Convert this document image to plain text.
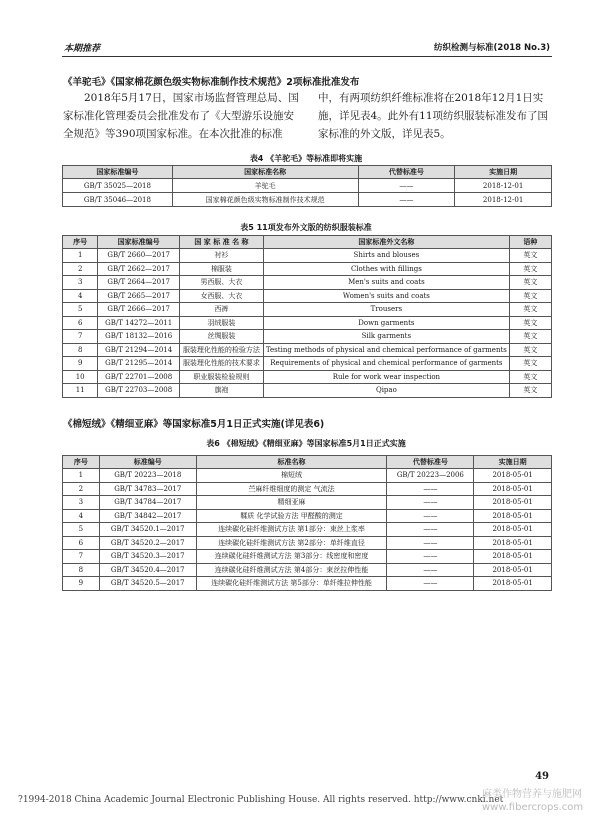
本期推荐	纺织检测与标准(2018 No.3)
《羊驼毛》《国家棉花颜色级实物标准制作技术规范》2项标准批准发布
2018年5月17日，国家市场监督管理总局、国
家标准化管理委员会批准发布了《大型游乐设施安
全规范》等390项国家标准。在本次批准的标准
中，有两项纺织纤维标准将在2018年12月1日实
施，详见表4。此外有11项纺织服装标准发布了国
家标准的外文版，详见表5。
表4 《羊驼毛》等标准即将实施
国家标准编号	国家标准名称	代替标准号	实施日期
GB/T 35025—2018	羊驼毛	——	2018-12-01
GB/T 35046—2018	国家棉花颜色级实物标准制作技术规范	——	2018-12-01
表5 11项发布外文版的纺织服装标准
序号	国家标准编号	国 家 标 准 名 称	国家标准外文名称	语种
1	GB/T 2660—2017	衬衫	Shirts and blouses	英文
2	GB/T 2662—2017	棉服装	Clothes with fillings	英文
3	GB/T 2664—2017	男西服、大衣	Men's suits and coats	英文
4	GB/T 2665—2017	女西服、大衣	Women's suits and coats	英文
5	GB/T 2666—2017	西裤	Trousers	英文
6	GB/T 14272—2011	羽绒服装	Down garments	英文
7	GB/T 18132—2016	丝绸服装	Silk garments	英文
8	GB/T 21294—2014	服装理化性能的检验方法	Testing methods of physical and chemical performance of garments	英文
9	GB/T 21295—2014	服装理化性能的技术要求	Requirements of physical and chemical performance of garments	英文
10	GB/T 22701—2008	职业服装检验规则	Rule for work wear inspection	英文
11	GB/T 22703—2008	旗袍	Qipao	英文
《棉短绒》《精细亚麻》等国家标准5月1日正式实施(详见表6)
表6 《棉短绒》《精细亚麻》等国家标准5月1日正式实施
序号	标准编号	标准名称	代替标准号	实施日期
1	GB/T 20223—2018	棉短绒	GB/T 20223—2006	2018-05-01
2	GB/T 34783—2017	苎麻纤维细度的测定 气流法	——	2018-05-01
3	GB/T 34784—2017	精细亚麻	——	2018-05-01
4	GB/T 34842—2017	鞣质 化学试验方法 甲醛酸的测定	——	2018-05-01
5	GB/T 34520.1—2017	连续碳化硅纤维测试方法 第1部分：束丝上浆率	——	2018-05-01
6	GB/T 34520.2—2017	连续碳化硅纤维测试方法 第2部分：单纤维直径	——	2018-05-01
7	GB/T 34520.3—2017	连续碳化硅纤维测试方法 第3部分：线密度和密度	——	2018-05-01
8	GB/T 34520.4—2017	连续碳化硅纤维测试方法 第4部分：束丝拉伸性能	——	2018-05-01
9	GB/T 34520.5—2017	连续碳化硅纤维测试方法 第5部分：单纤维拉伸性能	——	2018-05-01
49
?1994-2018 China Academic Journal Electronic Publishing House. All rights reserved. http://www.cnki.net
麻类作物营养与施肥网
www.fibercrops.com
